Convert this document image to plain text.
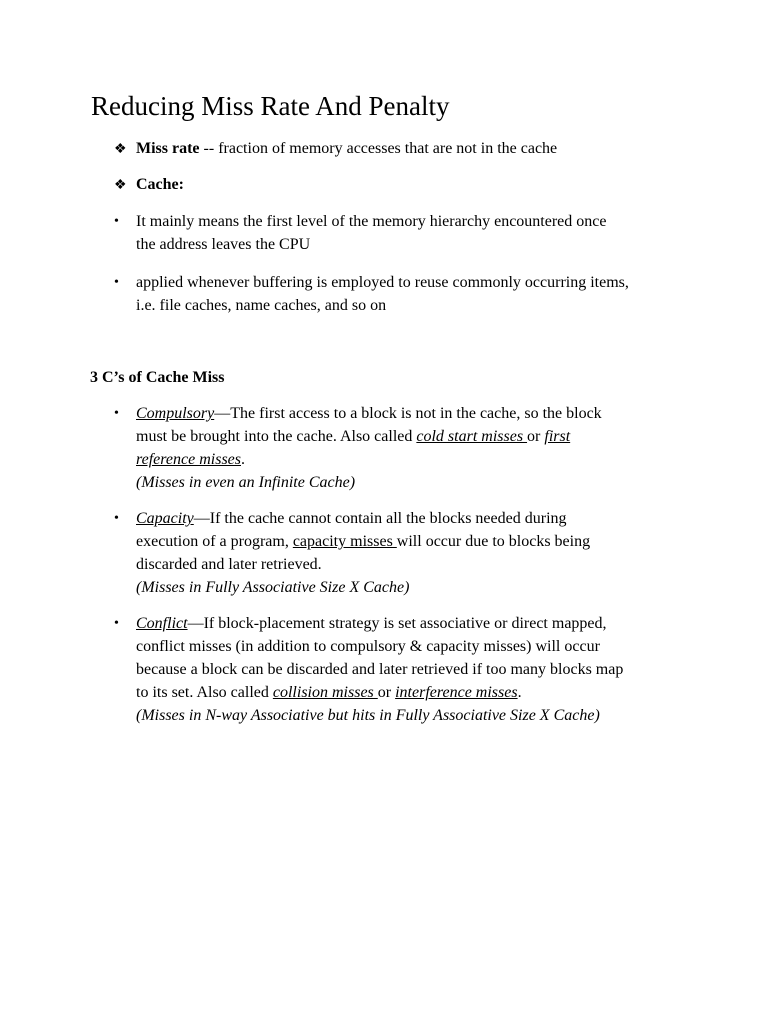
Reducing Miss Rate And Penalty
❖ Miss rate -- fraction of memory accesses that are not in the cache
❖ Cache:
• It mainly means the first level of the memory hierarchy encountered once
the address leaves the CPU
• applied whenever buffering is employed to reuse commonly occurring items,
i.e. file caches, name caches, and so on
3 C’s of Cache Miss
• Compulsory—The first access to a block is not in the cache, so the block
must be brought into the cache. Also called cold start misses or first
reference misses.
(Misses in even an Infinite Cache)
• Capacity—If the cache cannot contain all the blocks needed during
execution of a program, capacity misses will occur due to blocks being
discarded and later retrieved.
(Misses in Fully Associative Size X Cache)
• Conflict—If block-placement strategy is set associative or direct mapped,
conflict misses (in addition to compulsory & capacity misses) will occur
because a block can be discarded and later retrieved if too many blocks map
to its set. Also called collision misses or interference misses.
(Misses in N-way Associative but hits in Fully Associative Size X Cache)
